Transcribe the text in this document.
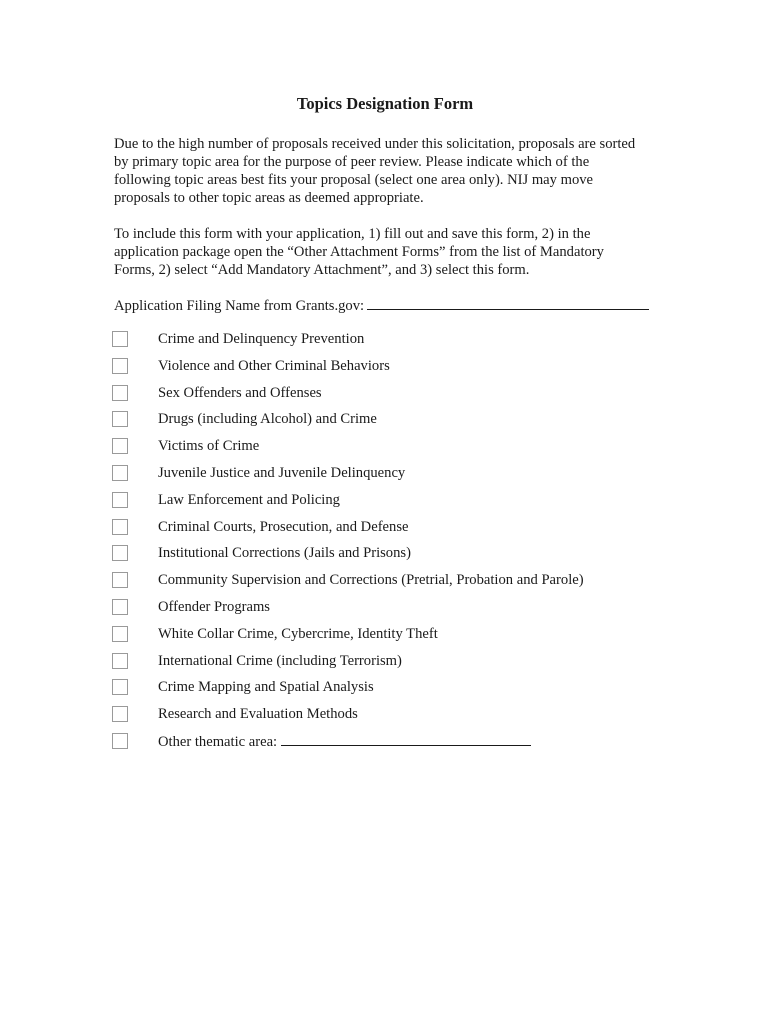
Topics Designation Form
Due to the high number of proposals received under this solicitation, proposals are sorted
by primary topic area for the purpose of peer review. Please indicate which of the
following topic areas best fits your proposal (select one area only). NIJ may move
proposals to other topic areas as deemed appropriate.
To include this form with your application, 1) fill out and save this form, 2) in the
application package open the “Other Attachment Forms” from the list of Mandatory
Forms, 2) select “Add Mandatory Attachment”, and 3) select this form.
Application Filing Name from Grants.gov:
Crime and Delinquency Prevention
Violence and Other Criminal Behaviors
Sex Offenders and Offenses
Drugs (including Alcohol) and Crime
Victims of Crime
Juvenile Justice and Juvenile Delinquency
Law Enforcement and Policing
Criminal Courts, Prosecution, and Defense
Institutional Corrections (Jails and Prisons)
Community Supervision and Corrections (Pretrial, Probation and Parole)
Offender Programs
White Collar Crime, Cybercrime, Identity Theft
International Crime (including Terrorism)
Crime Mapping and Spatial Analysis
Research and Evaluation Methods
Other thematic area:
